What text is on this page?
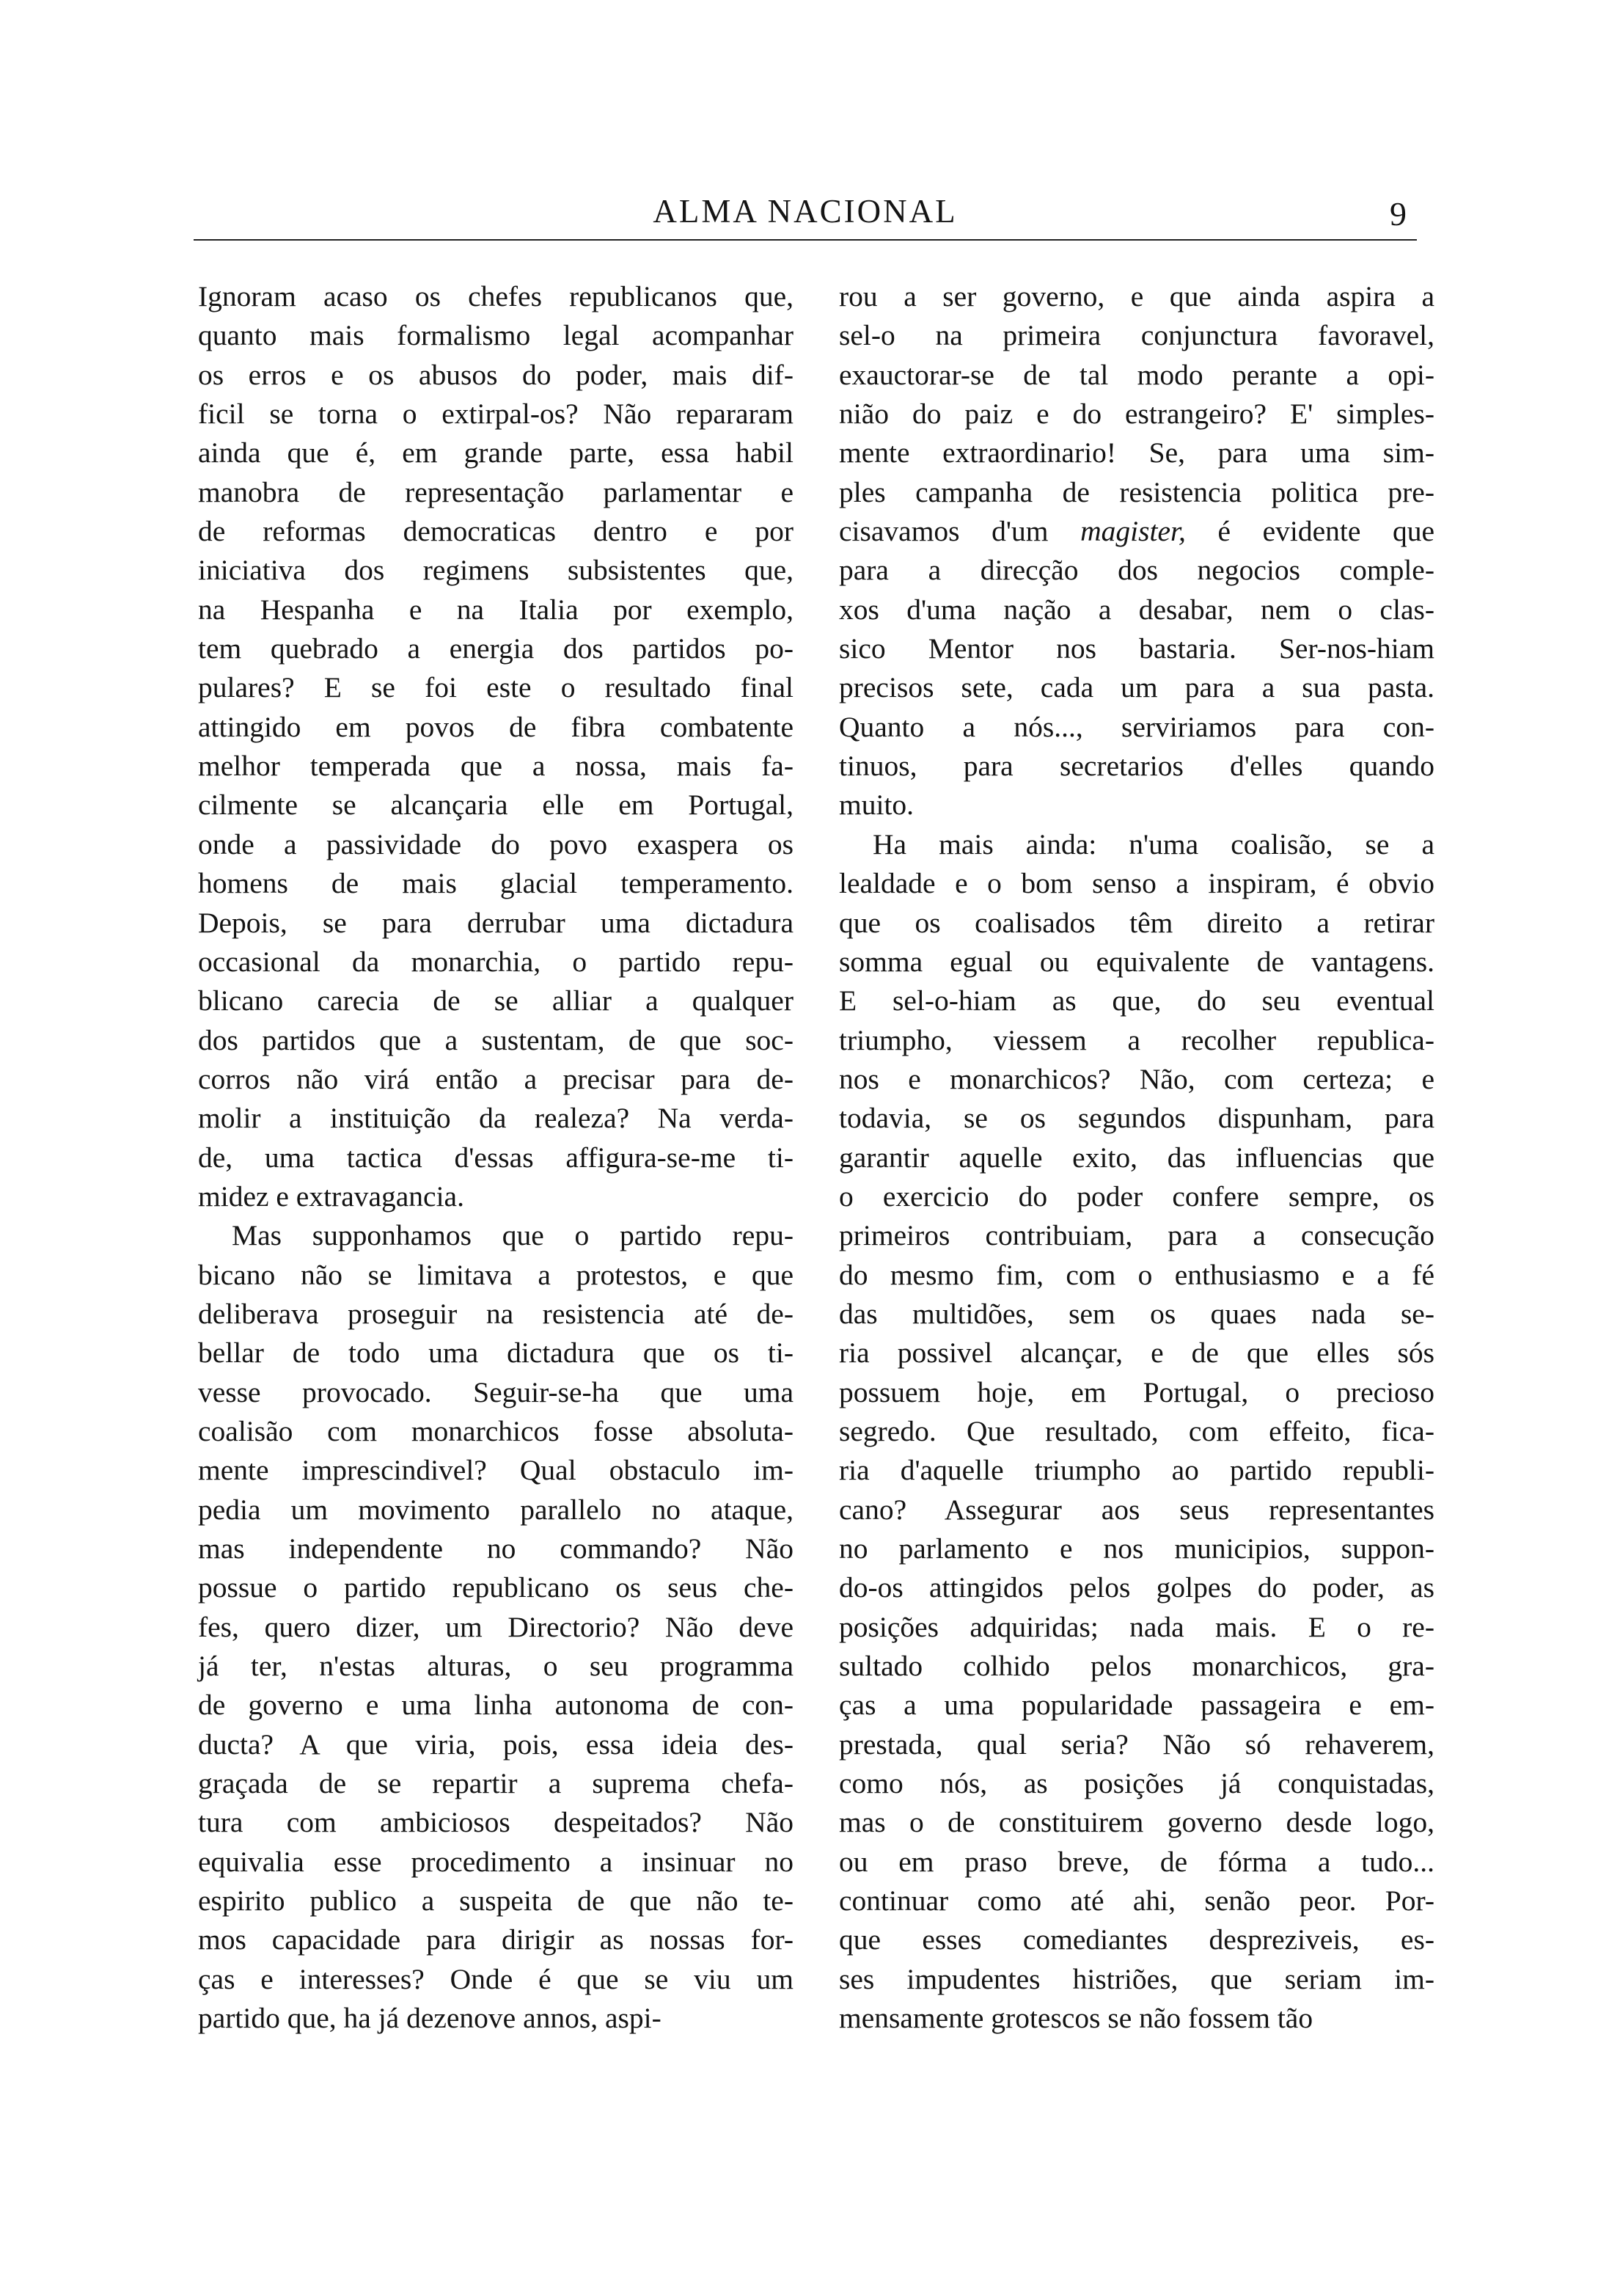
ALMA NACIONAL	9
Ignoram acaso os chefes republicanos que,
quanto mais formalismo legal acompanhar
os erros e os abusos do poder, mais dif-
ficil se torna o extirpal-os? Não repararam
ainda que é, em grande parte, essa habil
manobra de representação parlamentar e
de reformas democraticas dentro e por
iniciativa dos regimens subsistentes que,
na Hespanha e na Italia por exemplo,
tem quebrado a energia dos partidos po-
pulares? E se foi este o resultado final
attingido em povos de fibra combatente
melhor temperada que a nossa, mais fa-
cilmente se alcançaria elle em Portugal,
onde a passividade do povo exaspera os
homens de mais glacial temperamento.
Depois, se para derrubar uma dictadura
occasional da monarchia, o partido repu-
blicano carecia de se alliar a qualquer
dos partidos que a sustentam, de que soc-
corros não virá então a precisar para de-
molir a instituição da realeza? Na verda-
de, uma tactica d'essas affigura-se-me ti-
midez e extravagancia.
Mas supponhamos que o partido repu-
bicano não se limitava a protestos, e que
deliberava proseguir na resistencia até de-
bellar de todo uma dictadura que os ti-
vesse provocado. Seguir-se-ha que uma
coalisão com monarchicos fosse absoluta-
mente imprescindivel? Qual obstaculo im-
pedia um movimento parallelo no ataque,
mas independente no commando? Não
possue o partido republicano os seus che-
fes, quero dizer, um Directorio? Não deve
já ter, n'estas alturas, o seu programma
de governo e uma linha autonoma de con-
ducta? A que viria, pois, essa ideia des-
graçada de se repartir a suprema chefa-
tura com ambiciosos despeitados? Não
equivalia esse procedimento a insinuar no
espirito publico a suspeita de que não te-
mos capacidade para dirigir as nossas for-
ças e interesses? Onde é que se viu um
partido que, ha já dezenove annos, aspi-
rou a ser governo, e que ainda aspira a
sel-o na primeira conjunctura favoravel,
exauctorar-se de tal modo perante a opi-
nião do paiz e do estrangeiro? E' simples-
mente extraordinario! Se, para uma sim-
ples campanha de resistencia politica pre-
cisavamos d'um magister, é evidente que
para a direcção dos negocios comple-
xos d'uma nação a desabar, nem o clas-
sico Mentor nos bastaria. Ser-nos-hiam
precisos sete, cada um para a sua pasta.
Quanto a nós..., serviriamos para con-
tinuos, para secretarios d'elles quando
muito.
Ha mais ainda: n'uma coalisão, se a
lealdade e o bom senso a inspiram, é obvio
que os coalisados têm direito a retirar
somma egual ou equivalente de vantagens.
E sel-o-hiam as que, do seu eventual
triumpho, viessem a recolher republica-
nos e monarchicos? Não, com certeza; e
todavia, se os segundos dispunham, para
garantir aquelle exito, das influencias que
o exercicio do poder confere sempre, os
primeiros contribuiam, para a consecução
do mesmo fim, com o enthusiasmo e a fé
das multidões, sem os quaes nada se-
ria possivel alcançar, e de que elles sós
possuem hoje, em Portugal, o precioso
segredo. Que resultado, com effeito, fica-
ria d'aquelle triumpho ao partido republi-
cano? Assegurar aos seus representantes
no parlamento e nos municipios, suppon-
do-os attingidos pelos golpes do poder, as
posições adquiridas; nada mais. E o re-
sultado colhido pelos monarchicos, gra-
ças a uma popularidade passageira e em-
prestada, qual seria? Não só rehaverem,
como nós, as posições já conquistadas,
mas o de constituirem governo desde logo,
ou em praso breve, de fórma a tudo...
continuar como até ahi, senão peor. Por-
que esses comediantes despreziveis, es-
ses impudentes histriões, que seriam im-
mensamente grotescos se não fossem tão
